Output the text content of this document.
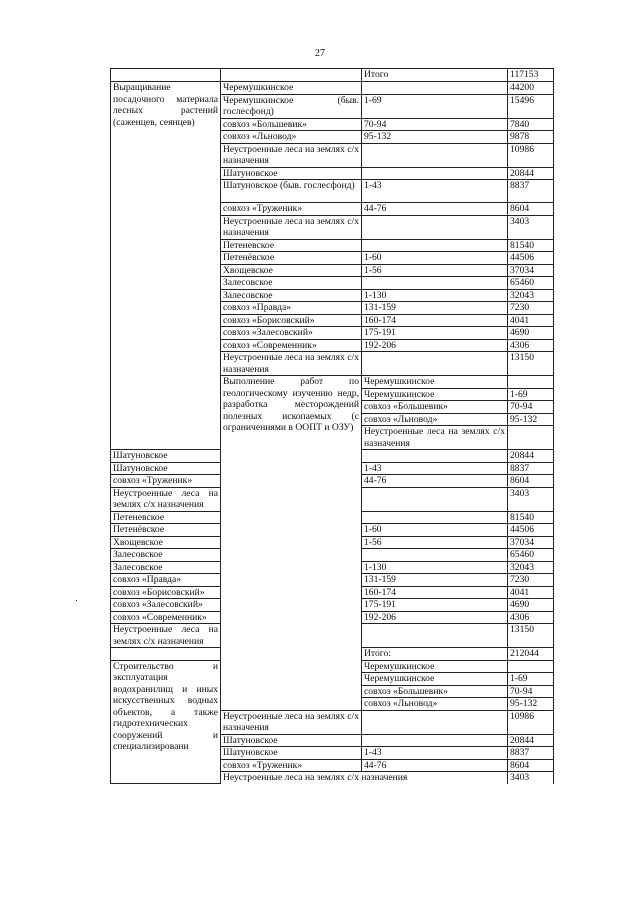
27
		Итого	117153	
Выращивание посадочного материала лесных растений (саженцев, сеянцев)	Черемушкинское		44200	
	Черемушкинское (быв. гослесфонд)	1-69	15496	
	совхоз «Большевик»	70-94	7840	
	совхоз «Льновод»	95-132	9878	
	Неустроенные леса на землях с/х назначения		10986	
	Шатуновское		20844	
	Шатуновское (быв. гослесфонд)	1-43	8837	
	совхоз «Труженик»	44-76	8604	
	Неустроенные леса на землях с/х назначения		3403	
	Петеневское		81540	
	Петенёвское	1-60	44506	
	Хвощевское	1-56	37034	
	Залесовское		65460	
	Залесовское	1-130	32043	
	совхоз «Правда»	131-159	7230	
	совхоз «Борисовский»	160-174	4041	
	совхоз «Залесовский»	175-191	4690	
	совхоз «Современник»	192-206	4306	
	Неустроенные леса на землях с/х назначения		13150	
	Выполнение работ по геологическому изучению недр, разработка месторождений полезных ископаемых (с ограничениями в ООПТ и ОЗУ)	Черемушкинское		
		Черемушкинское	1-69	
		совхоз «Большевик»	70-94	
		совхоз «Льновод»	95-132	
		Неустроенные леса на землях с/х назначения		
Шатуновское			20844	
Шатуновское		1-43	8837	
совхоз «Труженик»		44-76	8604	
Неустроенные леса на землях с/х назначения			3403	
Петеневское			81540	
Петенёвское		1-60	44506	
Хвощевское		1-56	37034	
Залесовское			65460	
Залесовское		1-130	32043	
совхоз «Правда»		131-159	7230	
совхоз «Борисовский»		160-174	4041	
совхоз «Залесовский»		175-191	4690	
совхоз «Современник»		192-206	4306	
Неустроенные леса на землях с/х назначения			13150	
		Итого:	212044	
Строительство и эксплуатация водохранилищ и иных искусственных водных объектов, а также гидротехнических сооружений и специализировани		Черемушкинское		
		Черемушкинское	1-69	
		совхоз «Большевик»	70-94	
		совхоз «Льновод»	95-132	
	Неустроенные леса на землях с/х назначения		10986	
	Шатуновское		20844	
	Шатуновское	1-43	8837	
	совхоз «Труженик»	44-76	8604	
	Неустроенные леса на землях с/х назначения		3403	
